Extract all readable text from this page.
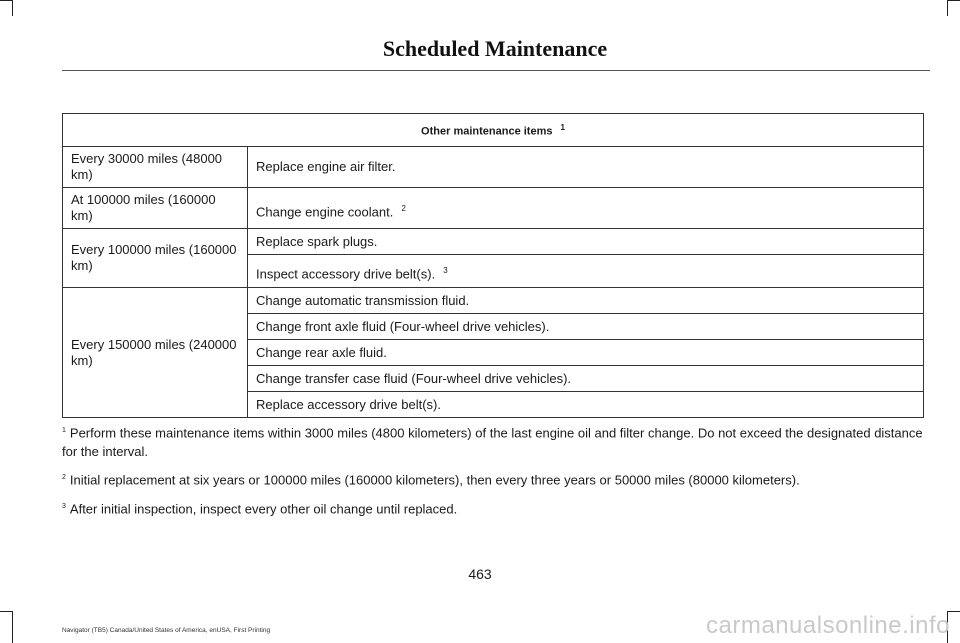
Scheduled Maintenance
Other maintenance items $^1$
Every 30000 miles (48000 km)	Replace engine air filter.
At 100000 miles (160000 km)	Change engine coolant. $^2$
Every 100000 miles (160000 km)	Replace spark plugs.
	Inspect accessory drive belt(s). $^3$
Every 150000 miles (240000 km)	Change automatic transmission fluid.
	Change front axle fluid (Four-wheel drive vehicles).
	Change rear axle fluid.
	Change transfer case fluid (Four-wheel drive vehicles).
	Replace accessory drive belt(s).

$^1$ Perform these maintenance items within 3000 miles (4800 kilometers) of the last engine oil and filter change. Do not exceed the designated distance for the interval.

$^2$ Initial replacement at six years or 100000 miles (160000 kilometers), then every three years or 50000 miles (80000 kilometers).

$^3$ After initial inspection, inspect every other oil change until replaced.

463
Navigator (TB5) Canada/United States of America, enUSA, First Printing	carmanualsonline.info
